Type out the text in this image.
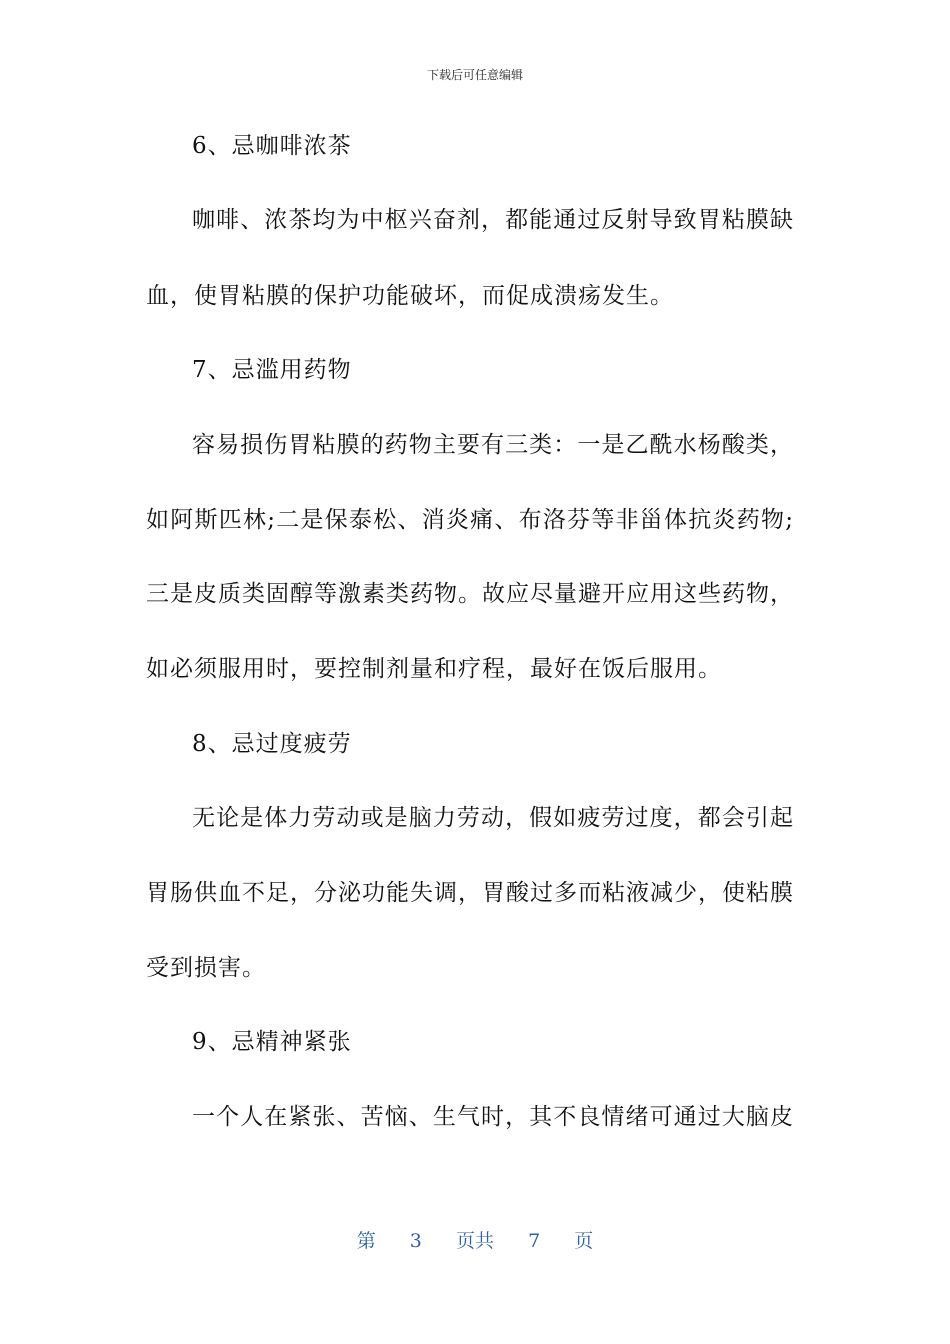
下载后可任意编辑
6、忌咖啡浓茶
咖啡、浓茶均为中枢兴奋剂，都能通过反射导致胃粘膜缺
血，使胃粘膜的保护功能破坏，而促成溃疡发生。
7、忌滥用药物
容易损伤胃粘膜的药物主要有三类：一是乙酰水杨酸类，
如阿斯匹林;二是保泰松、消炎痛、布洛芬等非甾体抗炎药物;
三是皮质类固醇等激素类药物。故应尽量避开应用这些药物，
如必须服用时，要控制剂量和疗程，最好在饭后服用。
8、忌过度疲劳
无论是体力劳动或是脑力劳动，假如疲劳过度，都会引起
胃肠供血不足，分泌功能失调，胃酸过多而粘液减少，使粘膜
受到损害。
9、忌精神紧张
一个人在紧张、苦恼、生气时，其不良情绪可通过大脑皮
第 3 页共 7 页
